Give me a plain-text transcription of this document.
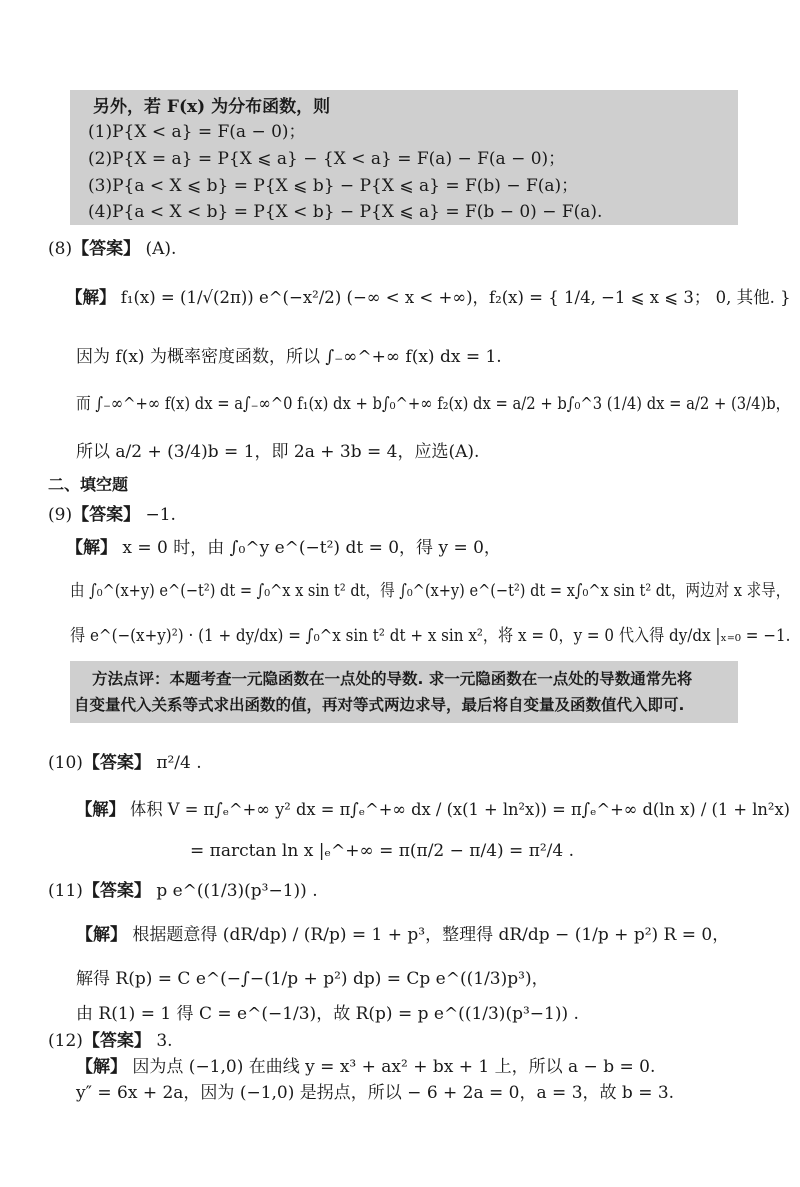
另外，若 F(x) 为分布函数，则
(1)P{X < a} = F(a − 0)；
(2)P{X = a} = P{X ⩽ a} − {X < a} = F(a) − F(a − 0)；
(3)P{a < X ⩽ b} = P{X ⩽ b} − P{X ⩽ a} = F(b) − F(a)；
(4)P{a < X < b} = P{X < b} − P{X ⩽ a} = F(b − 0) − F(a).
(8)【答案】 (A).
【解】 f₁(x) = (1/√(2π)) e^(−x²/2) (−∞ < x < +∞)，f₂(x) = { 1/4, −1 ⩽ x ⩽ 3； 0, 其他. }
因为 f(x) 为概率密度函数，所以 ∫₋∞^+∞ f(x) dx = 1.
而 ∫₋∞^+∞ f(x) dx = a∫₋∞^0 f₁(x) dx + b∫₀^+∞ f₂(x) dx = a/2 + b∫₀^3 (1/4) dx = a/2 + (3/4)b，
所以 a/2 + (3/4)b = 1，即 2a + 3b = 4，应选(A).
二、填空题
(9)【答案】 −1.
【解】 x = 0 时，由 ∫₀^y e^(−t²) dt = 0，得 y = 0，
由 ∫₀^(x+y) e^(−t²) dt = ∫₀^x x sin t² dt，得 ∫₀^(x+y) e^(−t²) dt = x∫₀^x sin t² dt，两边对 x 求导，
得 e^(−(x+y)²) · (1 + dy/dx) = ∫₀^x sin t² dt + x sin x²，将 x = 0，y = 0 代入得 dy/dx |ₓ₌₀ = −1.
方法点评：本题考查一元隐函数在一点处的导数. 求一元隐函数在一点处的导数通常先将
自变量代入关系等式求出函数的值，再对等式两边求导，最后将自变量及函数值代入即可.
(10)【答案】 π²/4 .
【解】 体积 V = π∫ₑ^+∞ y² dx = π∫ₑ^+∞ dx / (x(1 + ln²x)) = π∫ₑ^+∞ d(ln x) / (1 + ln²x)
= πarctan ln x |ₑ^+∞ = π(π/2 − π/4) = π²/4 .
(11)【答案】 p e^((1/3)(p³−1)) .
【解】 根据题意得 (dR/dp) / (R/p) = 1 + p³，整理得 dR/dp − (1/p + p²) R = 0，
解得 R(p) = C e^(−∫−(1/p + p²) dp) = Cp e^((1/3)p³)，
由 R(1) = 1 得 C = e^(−1/3)，故 R(p) = p e^((1/3)(p³−1)) .
(12)【答案】 3.
【解】 因为点 (−1,0) 在曲线 y = x³ + ax² + bx + 1 上，所以 a − b = 0.
y″ = 6x + 2a，因为 (−1,0) 是拐点，所以 − 6 + 2a = 0，a = 3，故 b = 3.
